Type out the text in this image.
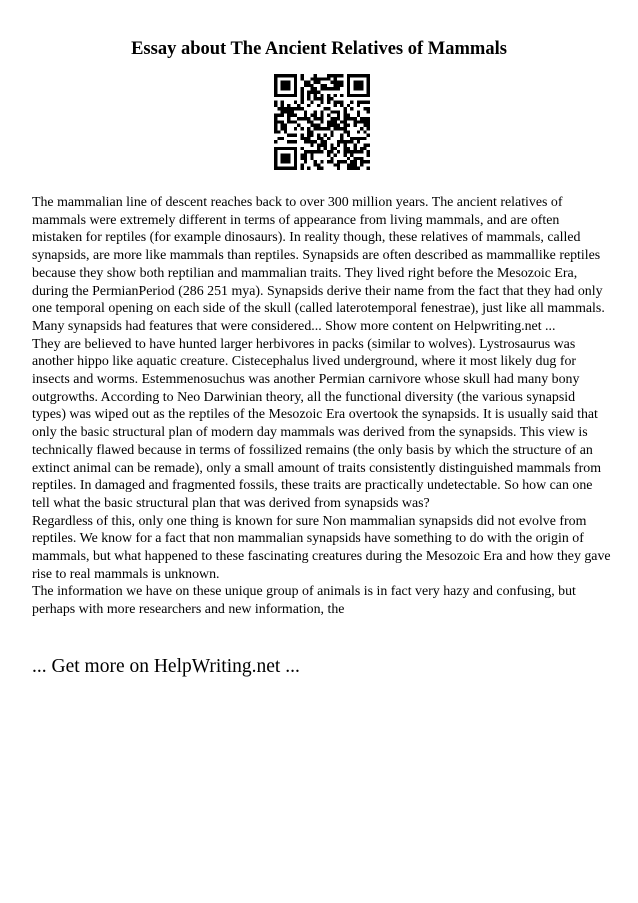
Essay about The Ancient Relatives of Mammals

The mammalian line of descent reaches back to over 300 million years. The ancient relatives of mammals were extremely different in terms of appearance from living mammals, and are often mistaken for reptiles (for example dinosaurs). In reality though, these relatives of mammals, called synapsids, are more like mammals than reptiles. Synapsids are often described as mammallike reptiles because they show both reptilian and mammalian traits. They lived right before the Mesozoic Era, during the PermianPeriod (286 251 mya). Synapsids derive their name from the fact that they had only one temporal opening on each side of the skull (called laterotemporal fenestrae), just like all mammals. Many synapsids had features that were considered... Show more content on Helpwriting.net ...

They are believed to have hunted larger herbivores in packs (similar to wolves). Lystrosaurus was another hippo like aquatic creature. Cistecephalus lived underground, where it most likely dug for insects and worms. Estemmenosuchus was another Permian carnivore whose skull had many bony outgrowths. According to Neo Darwinian theory, all the functional diversity (the various synapsid types) was wiped out as the reptiles of the Mesozoic Era overtook the synapsids. It is usually said that only the basic structural plan of modern day mammals was derived from the synapsids. This view is technically flawed because in terms of fossilized remains (the only basis by which the structure of an extinct animal can be remade), only a small amount of traits consistently distinguished mammals from reptiles. In damaged and fragmented fossils, these traits are practically undetectable. So how can one tell what the basic structural plan that was derived from synapsids was?

Regardless of this, only one thing is known for sure Non mammalian synapsids did not evolve from reptiles. We know for a fact that non mammalian synapsids have something to do with the origin of mammals, but what happened to these fascinating creatures during the Mesozoic Era and how they gave rise to real mammals is unknown.

The information we have on these unique group of animals is in fact very hazy and confusing, but perhaps with more researchers and new information, the

... Get more on HelpWriting.net ...
